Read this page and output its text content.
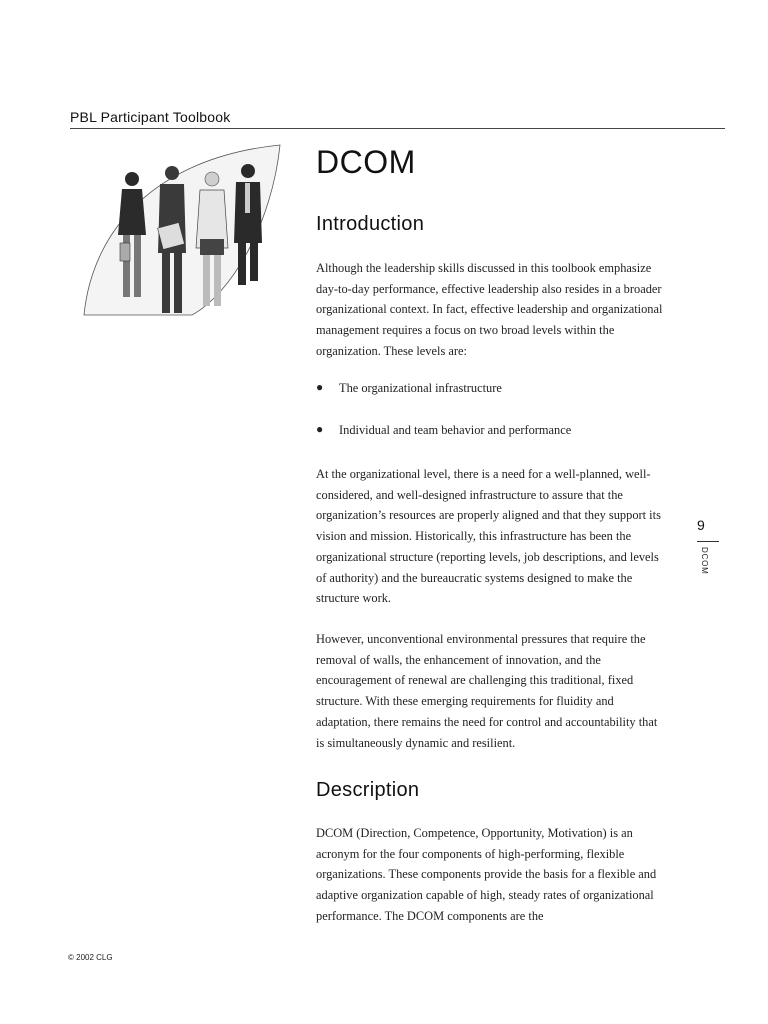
PBL Participant Toolbook
DCOM
Introduction

Although the leadership skills discussed in this toolbook emphasize day-to-day performance, effective leadership also resides in a broader organizational context. In fact, effective leadership and organizational management requires a focus on two broad levels within the organization. These levels are:

● The organizational infrastructure
● Individual and team behavior and performance

At the organizational level, there is a need for a well-planned, well-considered, and well-designed infrastructure to assure that the organization’s resources are properly aligned and that they support its vision and mission. Historically, this infrastructure has been the organizational structure (reporting levels, job descriptions, and levels of authority) and the bureaucratic systems designed to make the structure work.

However, unconventional environmental pressures that require the removal of walls, the enhancement of innovation, and the encouragement of renewal are challenging this traditional, fixed structure. With these emerging requirements for fluidity and adaptation, there remains the need for control and accountability that is simultaneously dynamic and resilient.

Description

DCOM (Direction, Competence, Opportunity, Motivation) is an acronym for the four components of high-performing, flexible organizations. These components provide the basis for a flexible and adaptive organization capable of high, steady rates of organizational performance. The DCOM components are the

9
DCOM
© 2002 CLG
